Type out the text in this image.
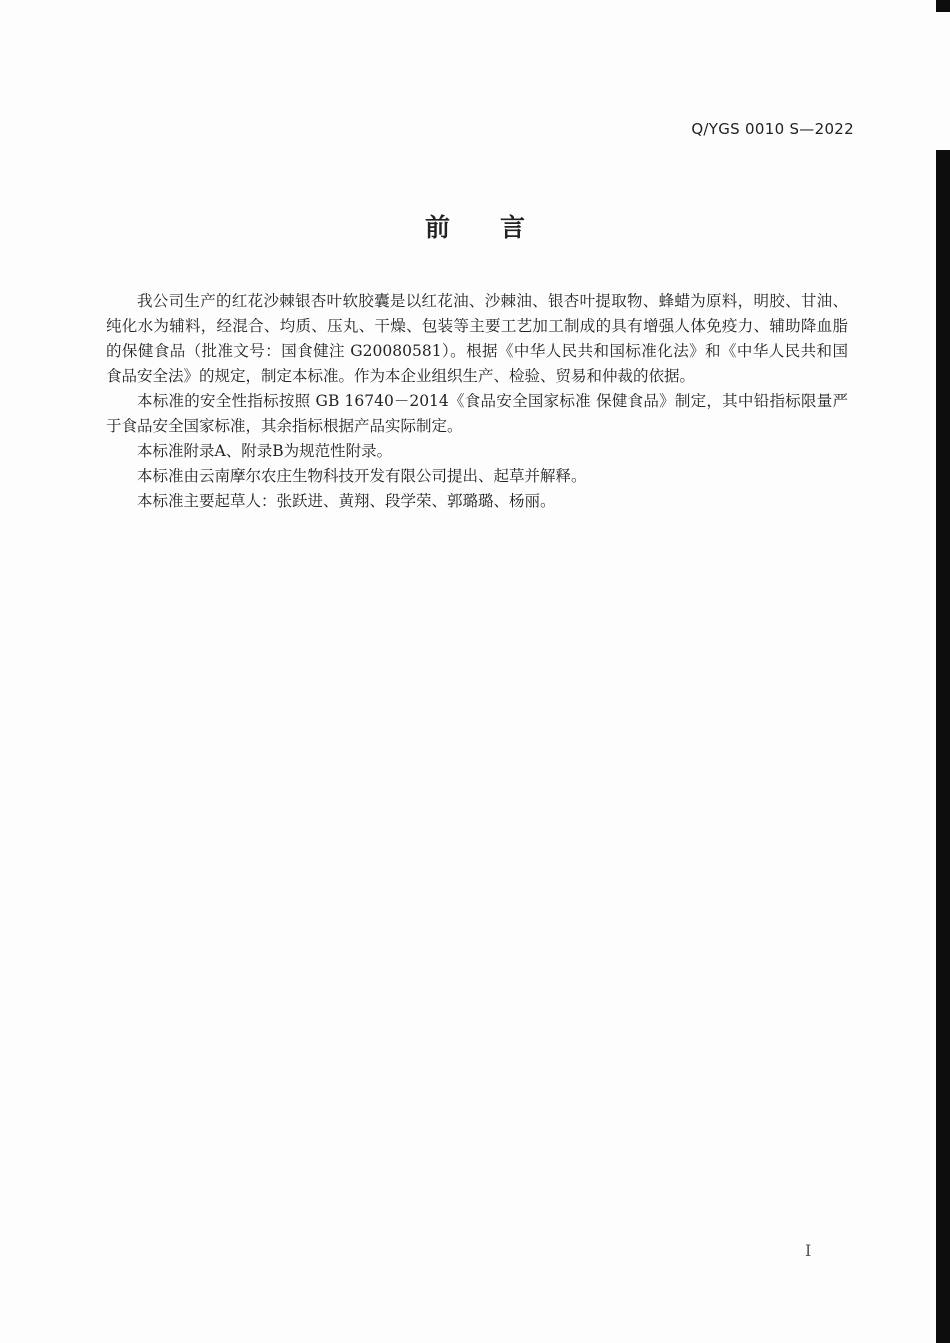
Q/YGS 0010 S—2022
前 言

我公司生产的红花沙棘银杏叶软胶囊是以红花油、沙棘油、银杏叶提取物、蜂蜡为原料，明胶、甘油、纯化水为辅料，经混合、均质、压丸、干燥、包装等主要工艺加工制成的具有增强人体免疫力、辅助降血脂的保健食品（批准文号：国食健注 G20080581）。根据《中华人民共和国标准化法》和《中华人民共和国　食品安全法》的规定，制定本标准。作为本企业组织生产、检验、贸易和仲裁的依据。

本标准的安全性指标按照 GB 16740－2014《食品安全国家标准 保健食品》制定，其中铅指标限量严于食品安全国家标准，其余指标根据产品实际制定。

本标准附录A、附录B为规范性附录。

本标准由云南摩尔农庄生物科技开发有限公司提出、起草并解释。

本标准主要起草人：张跃进、黄翔、段学荣、郭璐璐、杨丽。

I
